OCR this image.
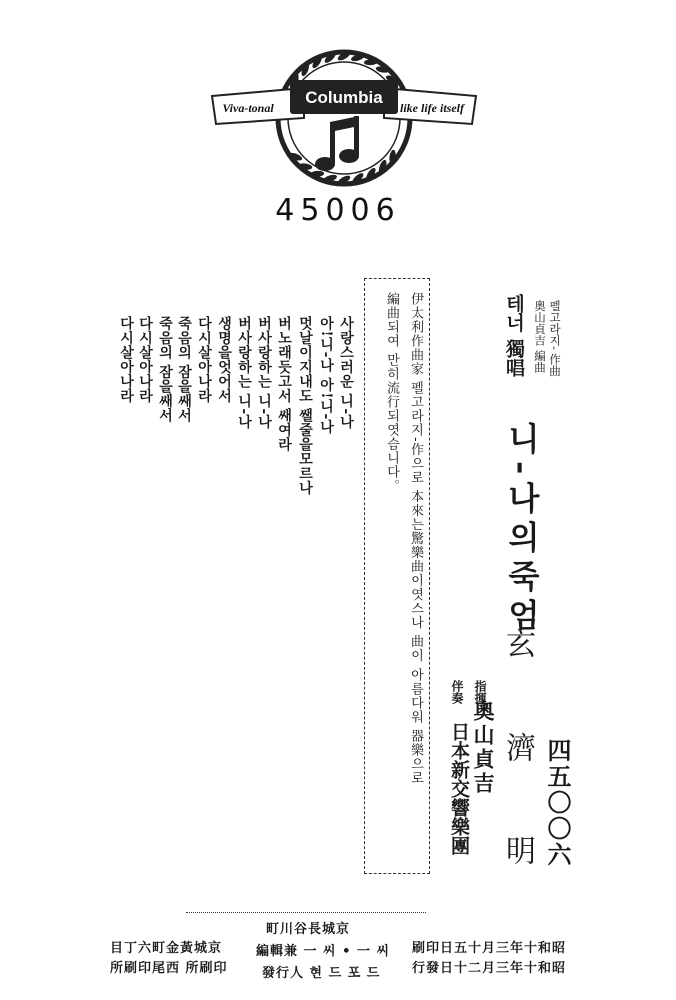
Viva-tonal
Columbia
like life itself
45006
伊太利作曲家 펠고라지-作으로 本來는驚樂曲이엿스나 曲이 아름다워 器樂으로
編曲되여 만히流行되엿슴니다。	테너 獨唱 펠고라지- 作曲
奧山貞吉 編曲
니-나의죽엄
玄 濟 明
指揮
奧山貞吉
伴奏
日本新交響樂團	四五〇〇六
사랑스러운 니-나
아!니-나 아!니-나
멋날이지내도 쌜줄을모르나
버노래듯고서 쌔여라
버사랑하는 니-나
버사랑하는 니-나
생명을엇어서
다시살아나라
죽음의 잠을쌔서
죽음의 잠을쌔서
다시살아나라
다시살아나라
京城長谷川町
編輯兼 一 씨 • 一 씨
發行人 현 드 포 드
昭和十年三月十五日印刷
昭和十年三月二十日發行
京城黃金町六丁目
印刷所 西尾印刷所
